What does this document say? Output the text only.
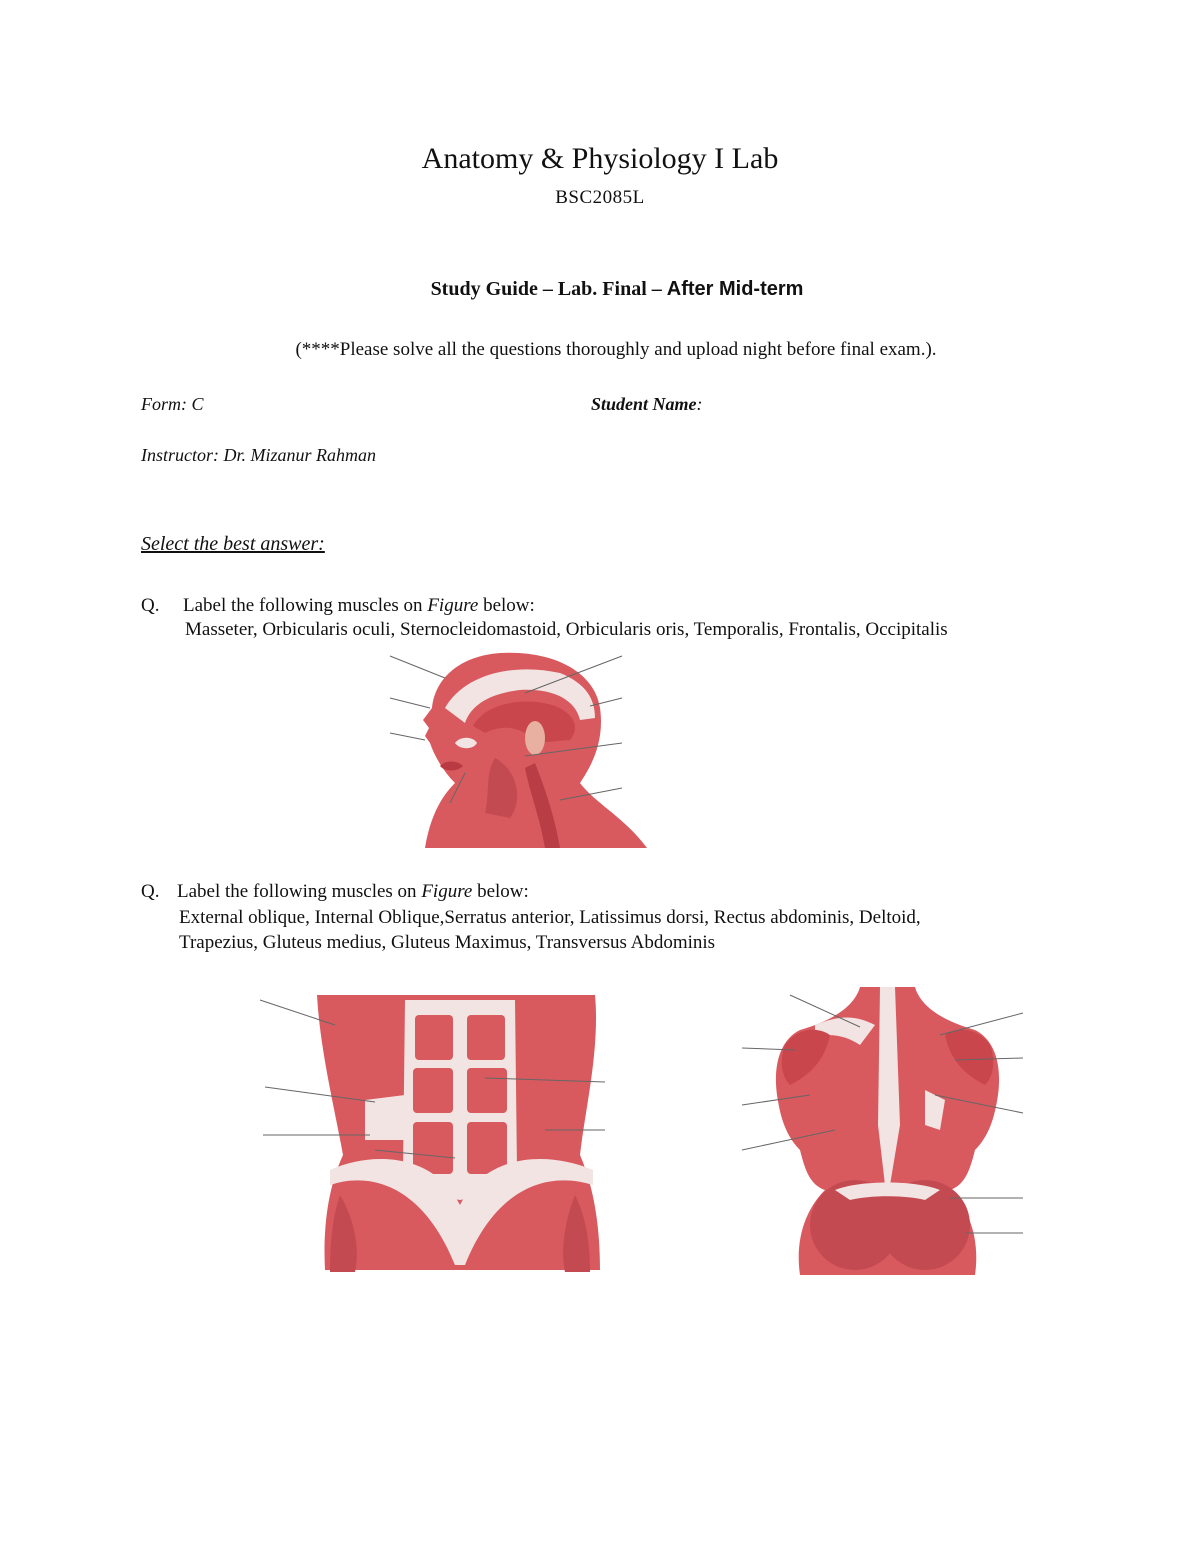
Anatomy & Physiology I Lab
BSC2085L
Study Guide – Lab. Final – After Mid-term
(****Please solve all the questions thoroughly and upload night before final exam.).
Form: C	Student Name:
Instructor: Dr. Mizanur Rahman
Select the best answer:
Q. Label the following muscles on Figure below:
Masseter, Orbicularis oculi, Sternocleidomastoid, Orbicularis oris, Temporalis, Frontalis, Occipitalis
Q. Label the following muscles on Figure below:
External oblique, Internal Oblique,Serratus anterior, Latissimus dorsi, Rectus abdominis, Deltoid,
Trapezius, Gluteus medius, Gluteus Maximus, Transversus Abdominis
